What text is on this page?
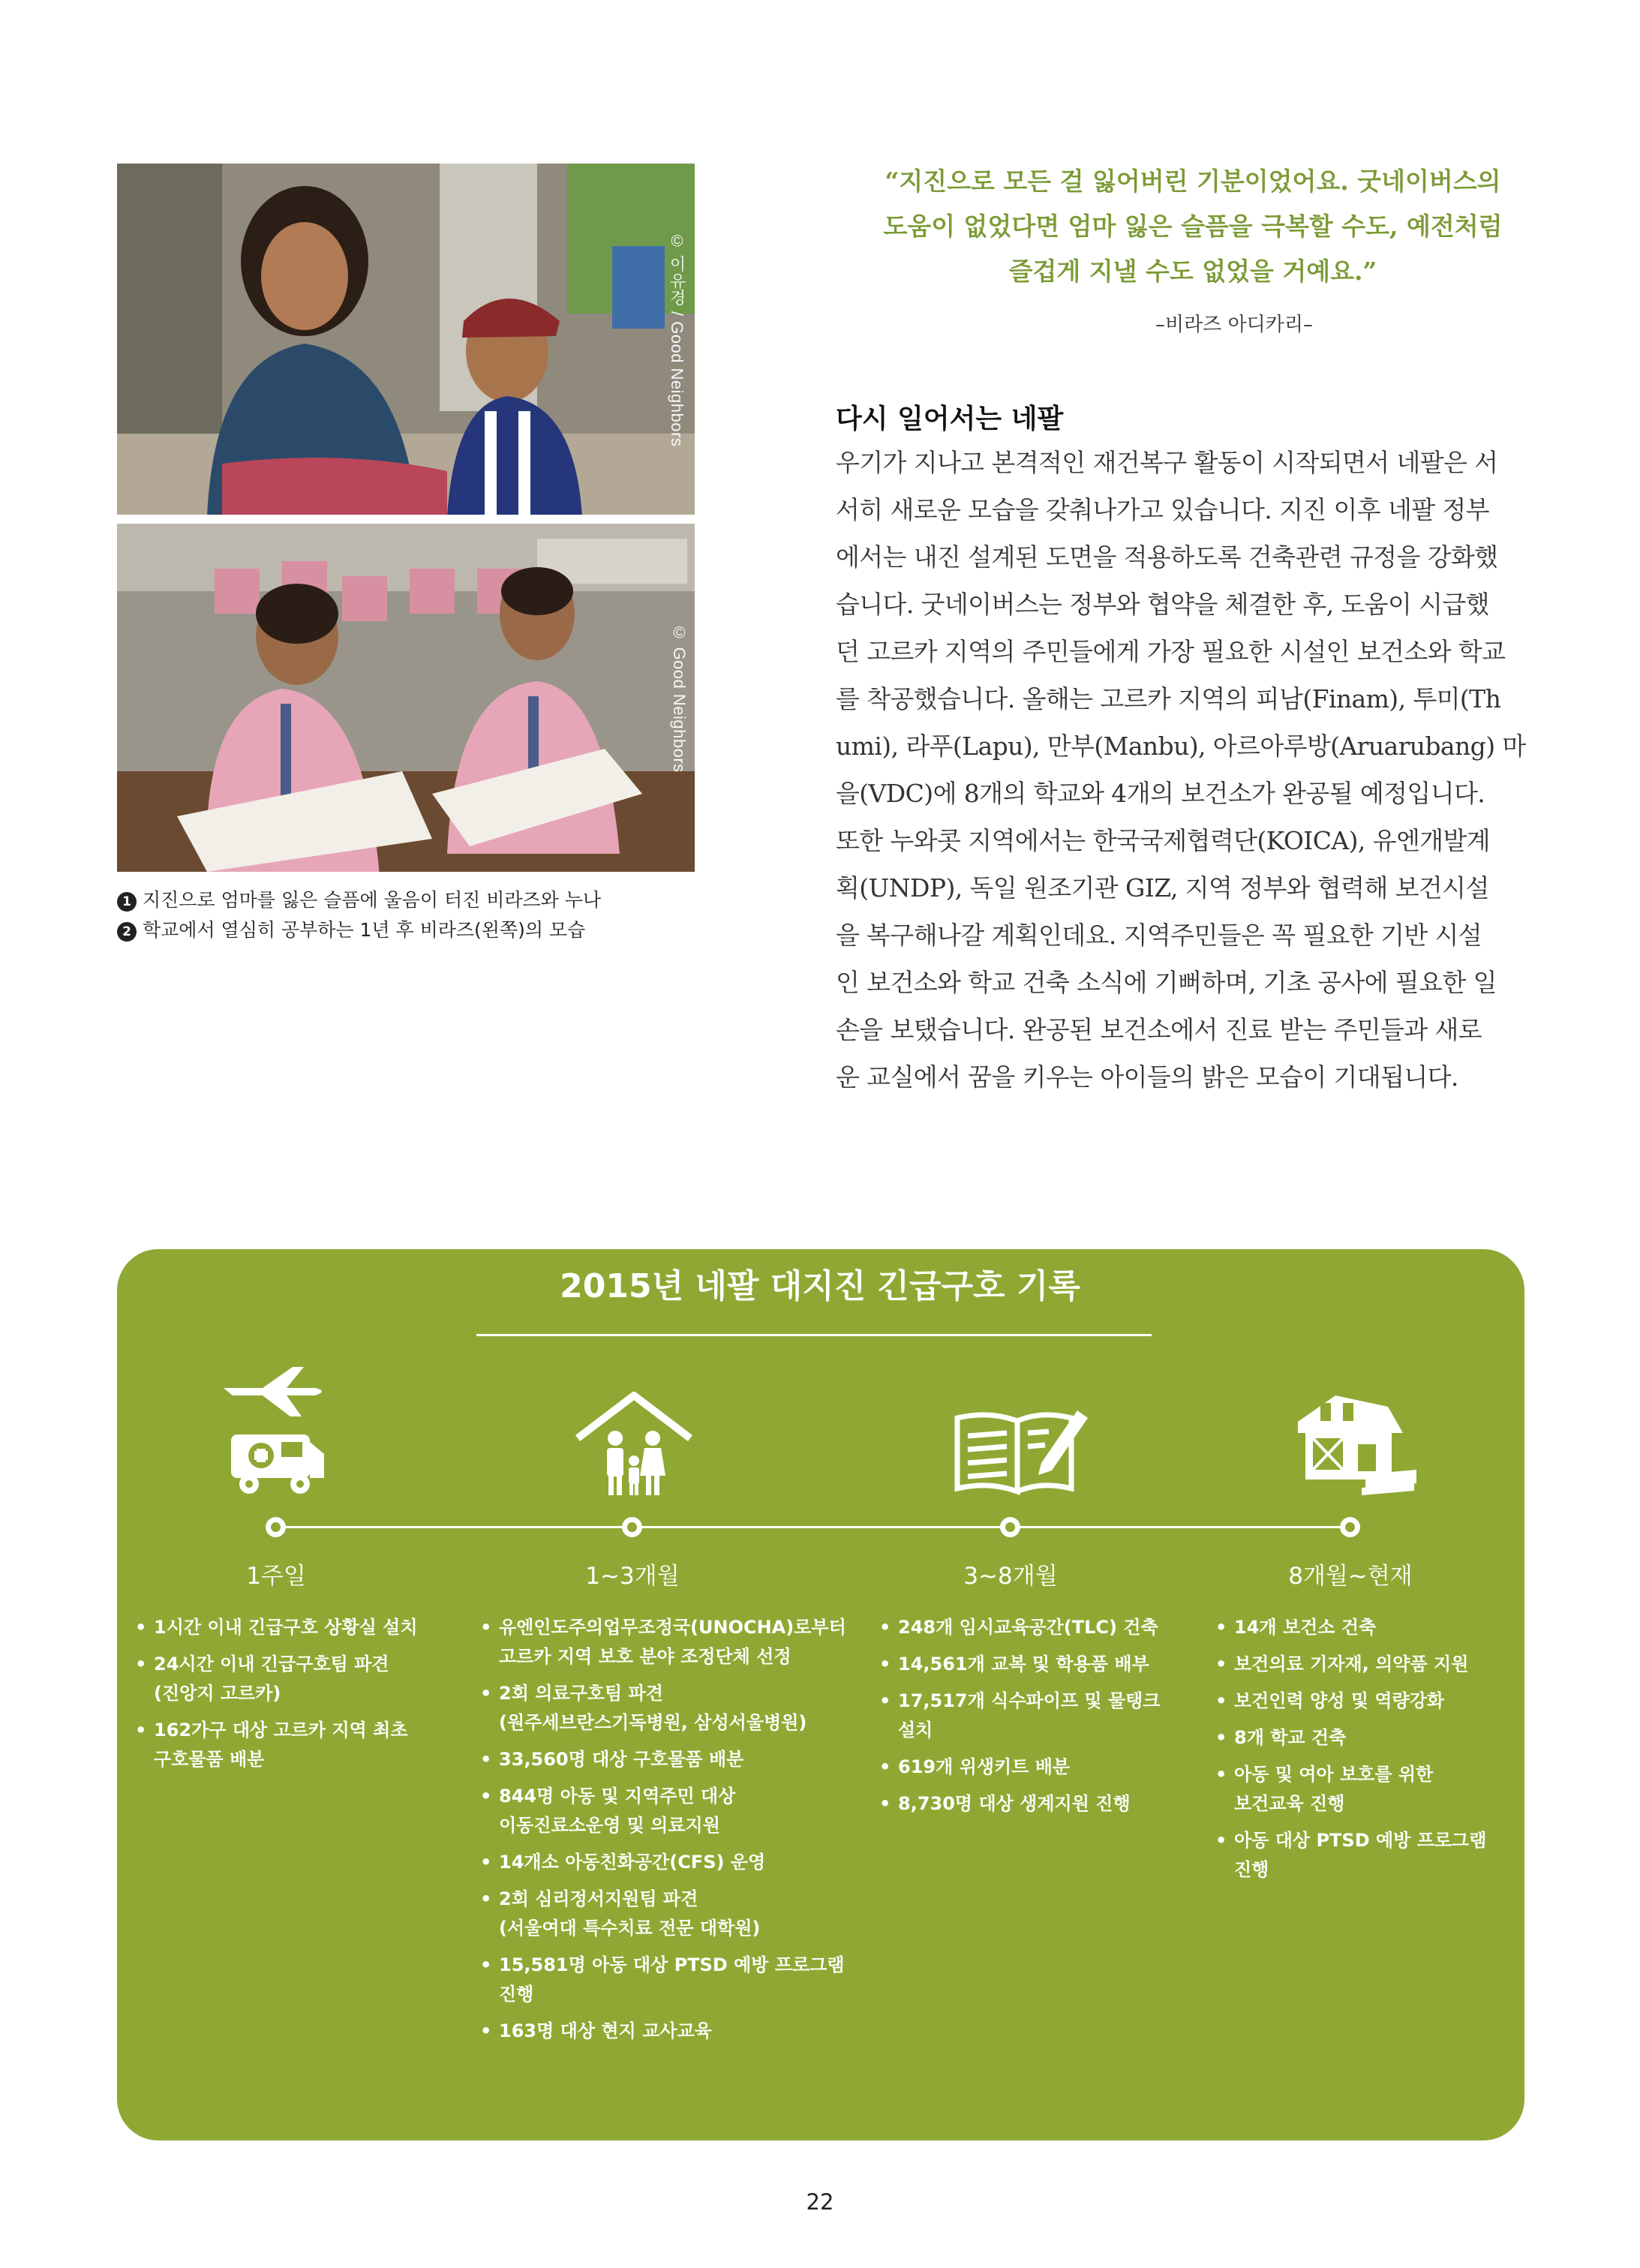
© 이유경 / Good Neighbors
© Good Neighbors
1 지진으로 엄마를 잃은 슬픔에 울음이 터진 비라즈와 누나
2 학교에서 열심히 공부하는 1년 후 비라즈(왼쪽)의 모습
“지진으로 모든 걸 잃어버린 기분이었어요. 굿네이버스의
도움이 없었다면 엄마 잃은 슬픔을 극복할 수도, 예전처럼
즐겁게 지낼 수도 없었을 거예요.”
–비라즈 아디카리–
다시 일어서는 네팔
우기가 지나고 본격적인 재건복구 활동이 시작되면서 네팔은 서
서히 새로운 모습을 갖춰나가고 있습니다. 지진 이후 네팔 정부
에서는 내진 설계된 도면을 적용하도록 건축관련 규정을 강화했
습니다. 굿네이버스는 정부와 협약을 체결한 후, 도움이 시급했
던 고르카 지역의 주민들에게 가장 필요한 시설인 보건소와 학교
를 착공했습니다. 올해는 고르카 지역의 피남(Finam), 투미(Th
umi), 라푸(Lapu), 만부(Manbu), 아르아루방(Aruarubang) 마
을(VDC)에 8개의 학교와 4개의 보건소가 완공될 예정입니다.
또한 누와콧 지역에서는 한국국제협력단(KOICA), 유엔개발계
획(UNDP), 독일 원조기관 GIZ, 지역 정부와 협력해 보건시설
을 복구해나갈 계획인데요. 지역주민들은 꼭 필요한 기반 시설
인 보건소와 학교 건축 소식에 기뻐하며, 기초 공사에 필요한 일
손을 보탰습니다. 완공된 보건소에서 진료 받는 주민들과 새로
운 교실에서 꿈을 키우는 아이들의 밝은 모습이 기대됩니다.
2015년 네팔 대지진 긴급구호 기록
1주일	1~3개월	3~8개월	8개월~현재
• 1시간 이내 긴급구호 상황실 설치
• 24시간 이내 긴급구호팀 파견
(진앙지 고르카)
• 162가구 대상 고르카 지역 최초
구호물품 배분
• 유엔인도주의업무조정국(UNOCHA)로부터
고르카 지역 보호 분야 조정단체 선정
• 2회 의료구호팀 파견
(원주세브란스기독병원, 삼성서울병원)
• 33,560명 대상 구호물품 배분
• 844명 아동 및 지역주민 대상
이동진료소운영 및 의료지원
• 14개소 아동친화공간(CFS) 운영
• 2회 심리정서지원팀 파견
(서울여대 특수치료 전문 대학원)
• 15,581명 아동 대상 PTSD 예방 프로그램
진행
• 163명 대상 현지 교사교육
• 248개 임시교육공간(TLC) 건축
• 14,561개 교복 및 학용품 배부
• 17,517개 식수파이프 및 물탱크
설치
• 619개 위생키트 배분
• 8,730명 대상 생계지원 진행
• 14개 보건소 건축
• 보건의료 기자재, 의약품 지원
• 보건인력 양성 및 역량강화
• 8개 학교 건축
• 아동 및 여아 보호를 위한
보건교육 진행
• 아동 대상 PTSD 예방 프로그램
진행
22
